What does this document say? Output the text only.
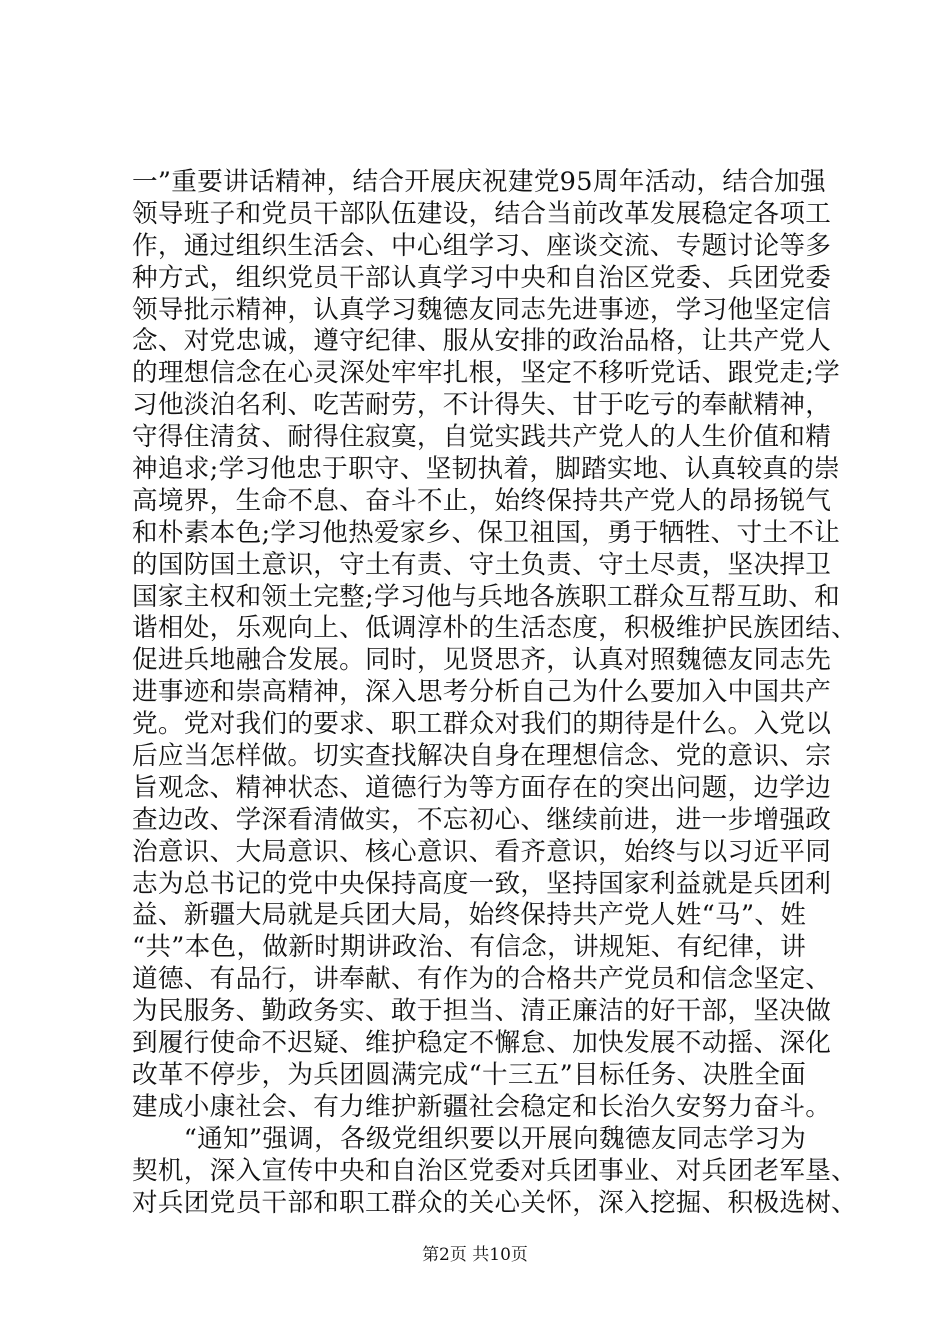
一”重要讲话精神，结合开展庆祝建党95周年活动，结合加强
领导班子和党员干部队伍建设，结合当前改革发展稳定各项工
作，通过组织生活会、中心组学习、座谈交流、专题讨论等多
种方式，组织党员干部认真学习中央和自治区党委、兵团党委
领导批示精神，认真学习魏德友同志先进事迹，学习他坚定信
念、对党忠诚，遵守纪律、服从安排的政治品格，让共产党人
的理想信念在心灵深处牢牢扎根，坚定不移听党话、跟党走;学
习他淡泊名利、吃苦耐劳，不计得失、甘于吃亏的奉献精神，
守得住清贫、耐得住寂寞，自觉实践共产党人的人生价值和精
神追求;学习他忠于职守、坚韧执着，脚踏实地、认真较真的崇
高境界，生命不息、奋斗不止，始终保持共产党人的昂扬锐气
和朴素本色;学习他热爱家乡、保卫祖国，勇于牺牲、寸土不让
的国防国土意识，守土有责、守土负责、守土尽责，坚决捍卫
国家主权和领土完整;学习他与兵地各族职工群众互帮互助、和
谐相处，乐观向上、低调淳朴的生活态度，积极维护民族团结、
促进兵地融合发展。同时，见贤思齐，认真对照魏德友同志先
进事迹和崇高精神，深入思考分析自己为什么要加入中国共产
党。党对我们的要求、职工群众对我们的期待是什么。入党以
后应当怎样做。切实查找解决自身在理想信念、党的意识、宗
旨观念、精神状态、道德行为等方面存在的突出问题，边学边
查边改、学深看清做实，不忘初心、继续前进，进一步增强政
治意识、大局意识、核心意识、看齐意识，始终与以习近平同
志为总书记的党中央保持高度一致，坚持国家利益就是兵团利
益、新疆大局就是兵团大局，始终保持共产党人姓“马”、姓
“共”本色，做新时期讲政治、有信念，讲规矩、有纪律，讲
道德、有品行，讲奉献、有作为的合格共产党员和信念坚定、
为民服务、勤政务实、敢于担当、清正廉洁的好干部，坚决做
到履行使命不迟疑、维护稳定不懈怠、加快发展不动摇、深化
改革不停步，为兵团圆满完成“十三五”目标任务、决胜全面
建成小康社会、有力维护新疆社会稳定和长治久安努力奋斗。
　　“通知”强调，各级党组织要以开展向魏德友同志学习为
契机，深入宣传中央和自治区党委对兵团事业、对兵团老军垦、
对兵团党员干部和职工群众的关心关怀，深入挖掘、积极选树、
第2页 共10页
